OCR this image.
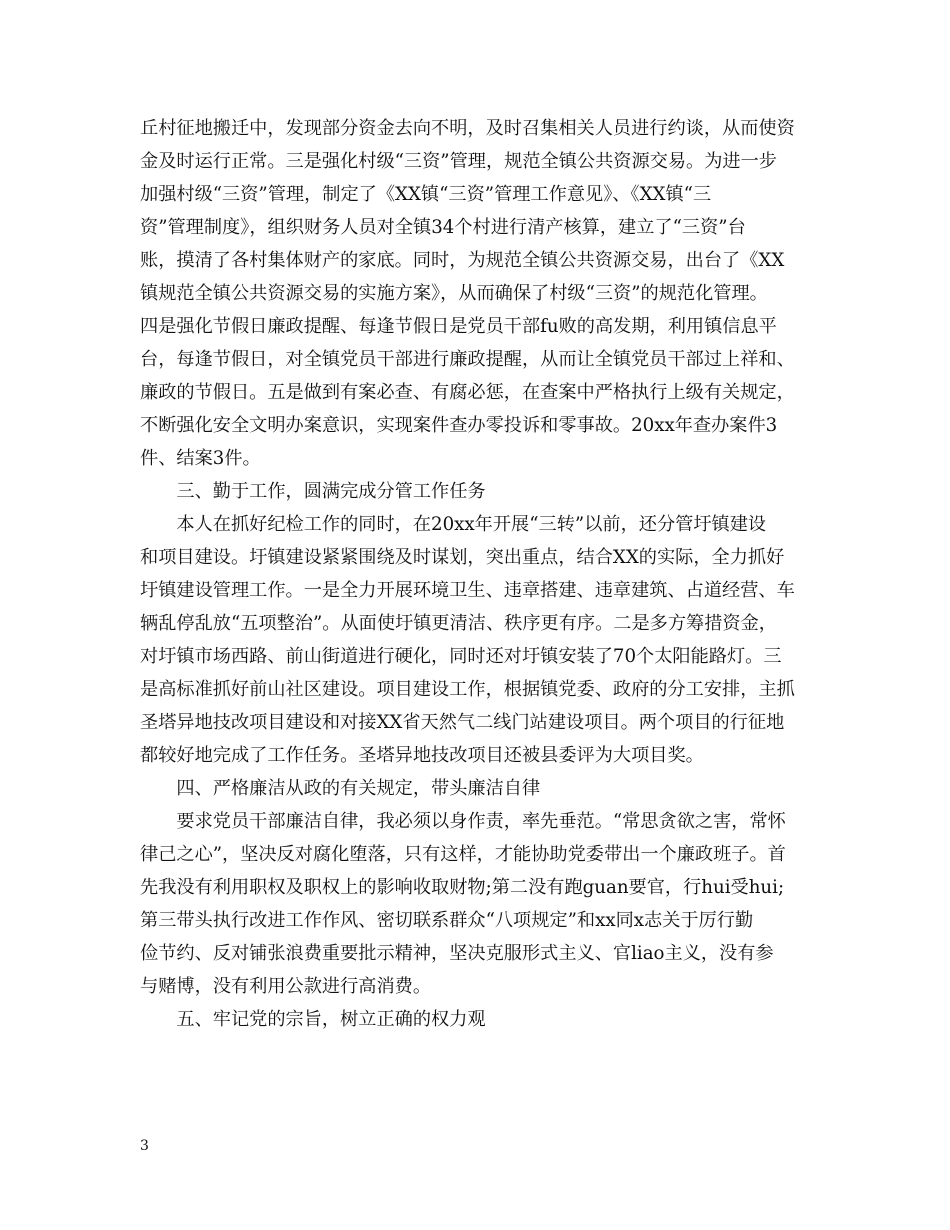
丘村征地搬迁中，发现部分资金去向不明，及时召集相关人员进行约谈，从而使资
金及时运行正常。三是强化村级“三资”管理，规范全镇公共资源交易。为进一步
加强村级“三资”管理，制定了《XX镇“三资”管理工作意见》、《XX镇“三
资”管理制度》，组织财务人员对全镇34个村进行清产核算，建立了“三资”台
账，摸清了各村集体财产的家底。同时，为规范全镇公共资源交易，出台了《XX
镇规范全镇公共资源交易的实施方案》，从而确保了村级“三资”的规范化管理。
四是强化节假日廉政提醒、每逢节假日是党员干部fu败的高发期，利用镇信息平
台，每逢节假日，对全镇党员干部进行廉政提醒，从而让全镇党员干部过上祥和、
廉政的节假日。五是做到有案必查、有腐必惩，在查案中严格执行上级有关规定，
不断强化安全文明办案意识，实现案件查办零投诉和零事故。20xx年查办案件3
件、结案3件。
　　三、勤于工作，圆满完成分管工作任务
　　本人在抓好纪检工作的同时，在20xx年开展“三转”以前，还分管圩镇建设
和项目建设。圩镇建设紧紧围绕及时谋划，突出重点，结合XX的实际，全力抓好
圩镇建设管理工作。一是全力开展环境卫生、违章搭建、违章建筑、占道经营、车
辆乱停乱放“五项整治”。从面使圩镇更清洁、秩序更有序。二是多方筹措资金，
对圩镇市场西路、前山街道进行硬化，同时还对圩镇安装了70个太阳能路灯。三
是高标准抓好前山社区建设。项目建设工作，根据镇党委、政府的分工安排，主抓
圣塔异地技改项目建设和对接XX省天然气二线门站建设项目。两个项目的行征地
都较好地完成了工作任务。圣塔异地技改项目还被县委评为大项目奖。
　　四、严格廉洁从政的有关规定，带头廉洁自律
　　要求党员干部廉洁自律，我必须以身作责，率先垂范。“常思贪欲之害，常怀
律己之心”，坚决反对腐化堕落，只有这样，才能协助党委带出一个廉政班子。首
先我没有利用职权及职权上的影响收取财物;第二没有跑guan要官，行hui受hui;
第三带头执行改进工作作风、密切联系群众“八项规定”和xx同x志关于厉行勤
俭节约、反对铺张浪费重要批示精神，坚决克服形式主义、官liao主义，没有参
与赌博，没有利用公款进行高消费。
　　五、牢记党的宗旨，树立正确的权力观
3
